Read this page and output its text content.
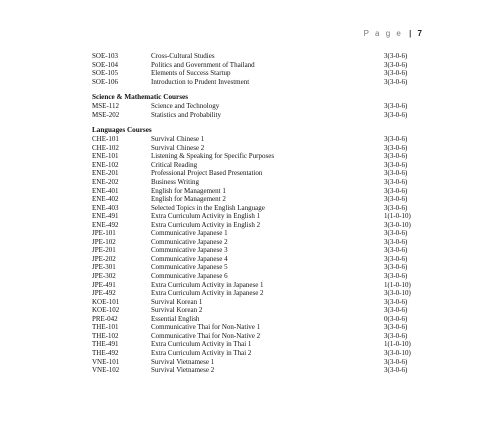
P a g e | 7
SOE-103	Cross-Cultural Studies	3(3-0-6)
SOE-104	Politics and Government of Thailand	3(3-0-6)
SOE-105	Elements of Success Startup	3(3-0-6)
SOE-106	Introduction to Prudent Investment	3(3-0-6)
Science & Mathematic Courses
MSE-112	Science and Technology	3(3-0-6)
MSE-202	Statistics and Probability	3(3-0-6)
Languages Courses
CHE-101	Survival Chinese 1	3(3-0-6)
CHE-102	Survival Chinese 2	3(3-0-6)
ENE-101	Listening & Speaking for Specific Purposes	3(3-0-6)
ENE-102	Critical Reading	3(3-0-6)
ENE-201	Professional Project Based Presentation	3(3-0-6)
ENE-202	Business Writing	3(3-0-6)
ENE-401	English for Management 1	3(3-0-6)
ENE-402	English for Management 2	3(3-0-6)
ENE-403	Selected Topics in the English Language	3(3-0-6)
ENE-491	Extra Curriculum Activity in English 1	1(1-0-10)
ENE-492	Extra Curriculum Activity in English 2	3(3-0-10)
JPE-101	Communicative Japanese 1	3(3-0-6)
JPE-102	Communicative Japanese 2	3(3-0-6)
JPE-201	Communicative Japanese 3	3(3-0-6)
JPE-202	Communicative Japanese 4	3(3-0-6)
JPE-301	Communicative Japanese 5	3(3-0-6)
JPE-302	Communicative Japanese 6	3(3-0-6)
JPE-491	Extra Curriculum Activity in Japanese 1	1(1-0-10)
JPE-492	Extra Curriculum Activity in Japanese 2	3(3-0-10)
KOE-101	Survival Korean 1	3(3-0-6)
KOE-102	Survival Korean 2	3(3-0-6)
PRE-042	Essential English	0(3-0-6)
THE-101	Communicative Thai for Non-Native 1	3(3-0-6)
THE-102	Communicative Thai for Non-Native 2	3(3-0-6)
THE-491	Extra Curriculum Activity in Thai 1	1(1-0-10)
THE-492	Extra Curriculum Activity in Thai 2	3(3-0-10)
VNE-101	Survival Vietnamese 1	3(3-0-6)
VNE-102	Survival Vietnamese 2	3(3-0-6)
